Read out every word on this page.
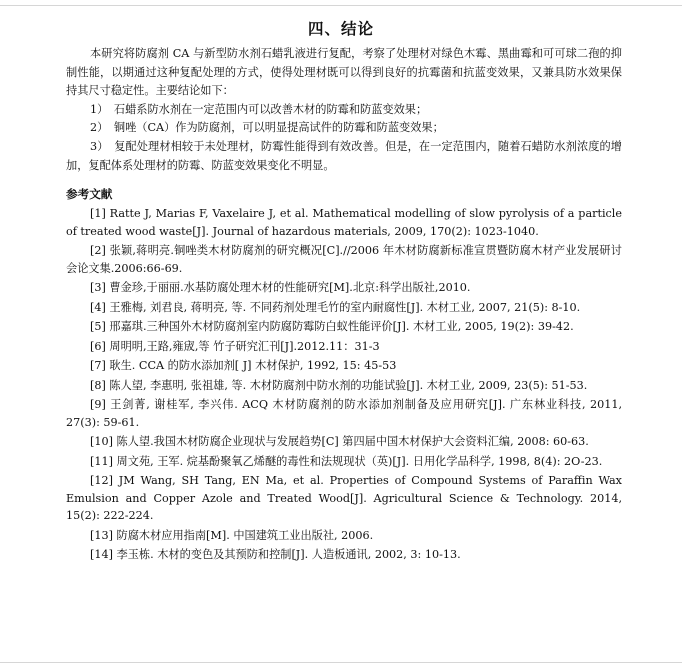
四、结论

本研究将防腐剂 CA 与新型防水剂石蜡乳液进行复配，考察了处理材对绿色木霉、黑曲霉和可可球二孢的抑制性能，以期通过这种复配处理的方式，使得处理材既可以得到良好的抗霉菌和抗蓝变效果，又兼具防水效果保持其尺寸稳定性。主要结论如下：

1）　石蜡系防水剂在一定范围内可以改善木材的防霉和防蓝变效果；

2）　铜唑（CA）作为防腐剂，可以明显提高试件的防霉和防蓝变效果；

3）　复配处理材相较于未处理材，防霉性能得到有效改善。但是，在一定范围内，随着石蜡防水剂浓度的增加，复配体系处理材的防霉、防蓝变效果变化不明显。

参考文献

[1] Ratte J, Marias F, Vaxelaire J, et al. Mathematical modelling of slow pyrolysis of a particle of treated wood waste[J]. Journal of hazardous materials, 2009, 170(2): 1023-1040.

[2] 张颖,蒋明亮.铜唑类木材防腐剂的研究概况[C].//2006 年木材防腐新标准宣贯暨防腐木材产业发展研讨会论文集.2006:66-69.

[3] 曹金珍,于丽丽.水基防腐处理木材的性能研究[M].北京:科学出版社,2010.

[4] 王雅梅, 刘君良, 蒋明亮, 等. 不同药剂处理毛竹的室内耐腐性[J]. 木材工业, 2007, 21(5): 8-10.

[5] 邢嘉琪.三种国外木材防腐剂室内防腐防霉防白蚁性能评价[J]. 木材工业, 2005, 19(2): 39-42.

[6] 周明明,王路,雍宬,等 竹子研究汇刊[J].2012.11：31-3

[7] 耿生. CCA 的防水添加剂[ J] 木材保护, 1992, 15: 45-53

[8] 陈人望, 李惠明, 张祖雄, 等. 木材防腐剂中防水剂的功能试验[J]. 木材工业, 2009, 23(5): 51-53.

[9] 王剑菁, 谢桂军, 李兴伟. ACQ 木材防腐剂的防水添加剂制备及应用研究[J]. 广东林业科技, 2011, 27(3): 59-61.

[10] 陈人望.我国木材防腐企业现状与发展趋势[C] 第四届中国木材保护大会资料汇编, 2008: 60-63.

[11] 周文苑, 王军. 烷基酚聚氧乙烯醚的毒性和法规现状（英)[J]. 日用化学品科学, 1998, 8(4): 2O-23.

[12] JM Wang, SH Tang, EN Ma, et al. Properties of Compound Systems of Paraffin Wax Emulsion and Copper Azole and Treated Wood[J]. Agricultural Science & Technology. 2014, 15(2): 222-224.

[13] 防腐木材应用指南[M]. 中国建筑工业出版社, 2006.

[14] 李玉栋. 木材的变色及其预防和控制[J]. 人造板通讯, 2002, 3: 10-13.
